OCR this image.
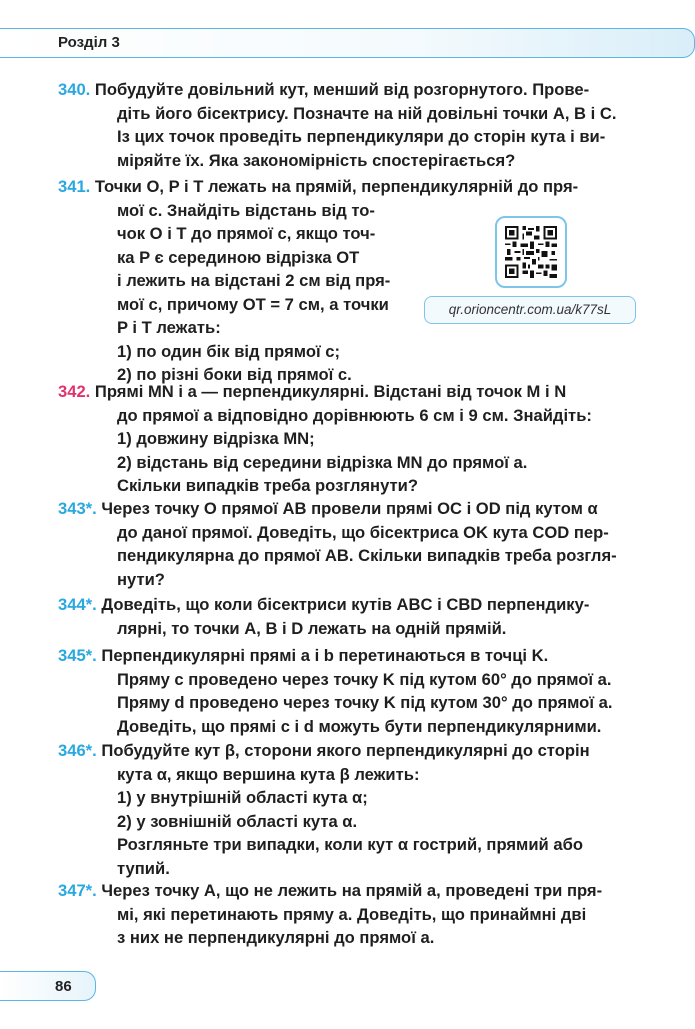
Розділ 3
340. Побудуйте довільний кут, менший від розгорнутого. Прове-
діть його бісектрису. Позначте на ній довільні точки A, B і C.
Із цих точок проведіть перпендикуляри до сторін кута і ви-
міряйте їх. Яка закономірність спостерігається?
341. Точки O, P і T лежать на прямій, перпендикулярній до пря-
мої c. Знайдіть відстань від то-
чок O і T до прямої c, якщо точ-
ка P є серединою відрізка OT
і лежить на відстані 2 см від пря-
мої c, причому OT = 7 см, а точки
P і T лежать:
1) по один бік від прямої c;
2) по різні боки від прямої c.
342. Прямі MN і a — перпендикулярні. Відстані від точок M і N
до прямої a відповідно дорівнюють 6 см і 9 см. Знайдіть:
1) довжину відрізка MN;
2) відстань від середини відрізка MN до прямої a.
Скільки випадків треба розглянути?
343*. Через точку O прямої AB провели прямі OC і OD під кутом α
до даної прямої. Доведіть, що бісектриса OK кута COD пер-
пендикулярна до прямої AB. Скільки випадків треба розгля-
нути?
344*. Доведіть, що коли бісектриси кутів ABC і CBD перпендику-
лярні, то точки A, B і D лежать на одній прямій.
345*. Перпендикулярні прямі a і b перетинаються в точці K.
Пряму c проведено через точку K під кутом 60° до прямої a.
Пряму d проведено через точку K під кутом 30° до прямої a.
Доведіть, що прямі c і d можуть бути перпендикулярними.
346*. Побудуйте кут β, сторони якого перпендикулярні до сторін
кута α, якщо вершина кута β лежить:
1) у внутрішній області кута α;
2) у зовнішній області кута α.
Розгляньте три випадки, коли кут α гострий, прямий або
тупий.
347*. Через точку A, що не лежить на прямій a, проведені три пря-
мі, які перетинають пряму a. Доведіть, що принаймні дві
з них не перпендикулярні до прямої a.
qr.orioncentr.com.ua/k77sL
86
